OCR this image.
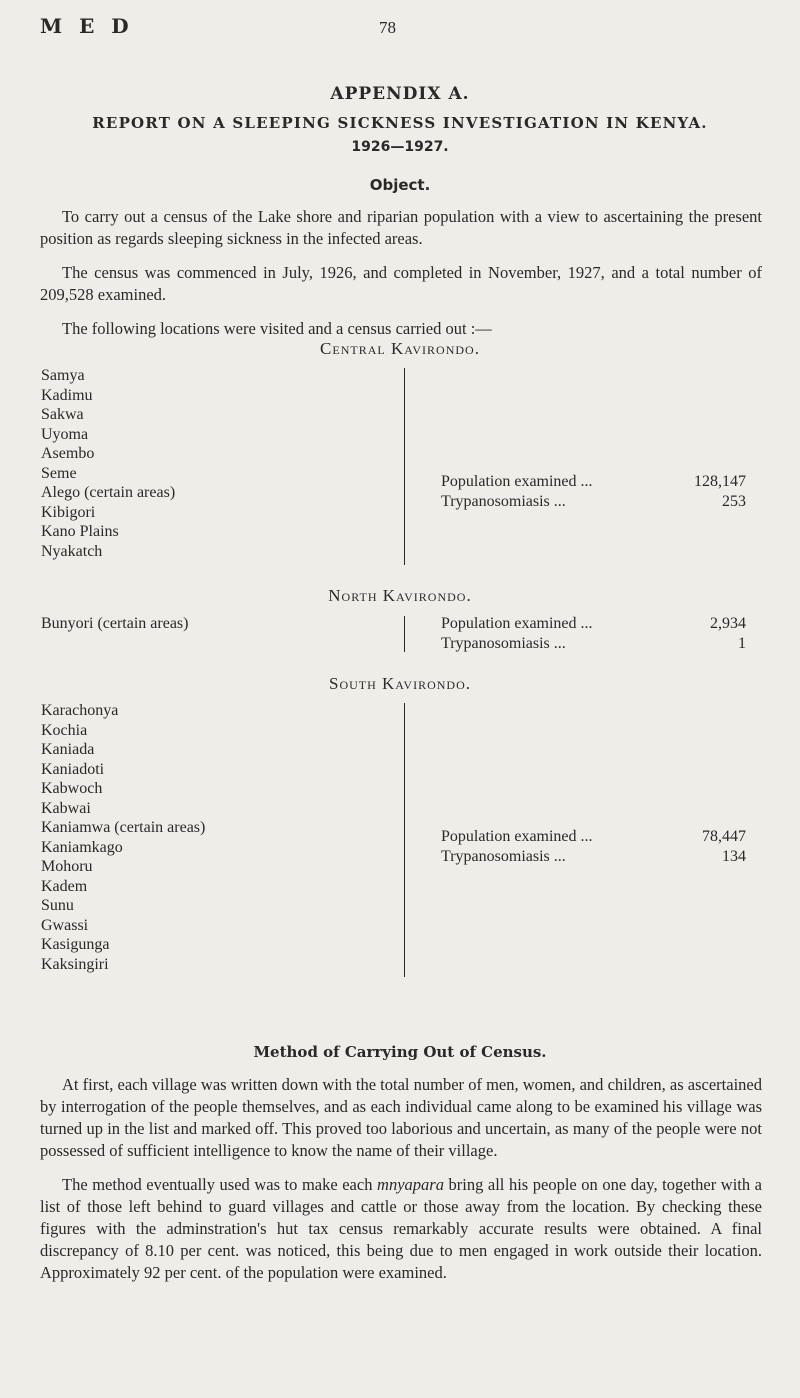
M E D	78
APPENDIX A.
REPORT ON A SLEEPING SICKNESS INVESTIGATION IN KENYA.
1926—1927.
Object.

To carry out a census of the Lake shore and riparian population with a view to ascertaining the present position as regards sleeping sickness in the infected areas.

The census was commenced in July, 1926, and completed in November, 1927, and a total number of 209,528 examined.

The following locations were visited and a census carried out :—

Central Kavirondo.
Samya
Kadimu
Sakwa
Uyoma
Asembo
Seme
Alego (certain areas)
Kibigori
Kano Plains
Nyakatch
Population examined ...	128,147
Trypanosomiasis ...	253
North Kavirondo.
Bunyori (certain areas)	Population examined ...	2,934
Trypanosomiasis ...	1
South Kavirondo.
Karachonya
Kochia
Kaniada
Kaniadoti
Kabwoch
Kabwai
Kaniamwa (certain areas)
Kaniamkago
Mohoru
Kadem
Sunu
Gwassi
Kasigunga
Kaksingiri
Population examined ...	78,447
Trypanosomiasis ...	134
Method of Carrying Out of Census.

At first, each village was written down with the total number of men, women, and children, as ascertained by interrogation of the people themselves, and as each individual came along to be examined his village was turned up in the list and marked off. This proved too laborious and uncertain, as many of the people were not possessed of sufficient intelligence to know the name of their village.

The method eventually used was to make each mnyapara bring all his people on one day, together with a list of those left behind to guard villages and cattle or those away from the location. By checking these figures with the adminstration's hut tax census remarkably accurate results were obtained. A final discrepancy of 8.10 per cent. was noticed, this being due to men engaged in work outside their location. Approximately 92 per cent. of the population were examined.
